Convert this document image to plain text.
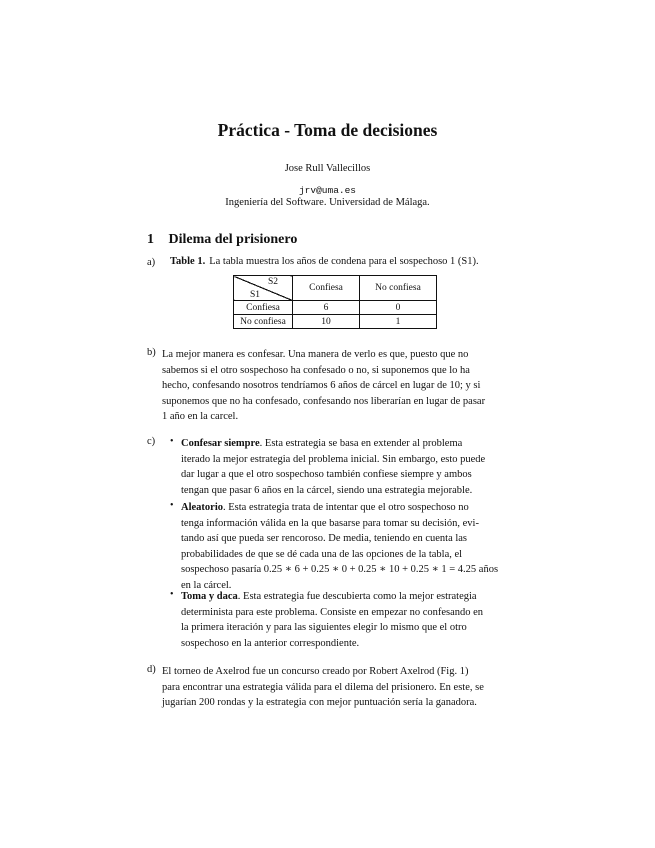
Práctica - Toma de decisiones
Jose Rull Vallecillos
jrv@uma.es
Ingeniería del Software. Universidad de Málaga.
1 Dilema del prisionero
a) Table 1. La tabla muestra los años de condena para el sospechoso 1 (S1).
S2
S1	Confiesa	No confiesa
Confiesa	6	0
No confiesa	10	1
b) La mejor manera es confesar. Una manera de verlo es que, puesto que no
sabemos si el otro sospechoso ha confesado o no, si suponemos que lo ha
hecho, confesando nosotros tendríamos 6 años de cárcel en lugar de 10; y si
suponemos que no ha confesado, confesando nos liberarían en lugar de pasar
1 año en la carcel.
c) • Confesar siempre. Esta estrategia se basa en extender al problema
iterado la mejor estrategia del problema inicial. Sin embargo, esto puede
dar lugar a que el otro sospechoso también confiese siempre y ambos
tengan que pasar 6 años en la cárcel, siendo una estrategia mejorable.
• Aleatorio. Esta estrategia trata de intentar que el otro sospechoso no
tenga información válida en la que basarse para tomar su decisión, evi-
tando así que pueda ser rencoroso. De media, teniendo en cuenta las
probabilidades de que se dé cada una de las opciones de la tabla, el
sospechoso pasaría 0.25 ∗ 6 + 0.25 ∗ 0 + 0.25 ∗ 10 + 0.25 ∗ 1 = 4.25 años
en la cárcel.
• Toma y daca. Esta estrategia fue descubierta como la mejor estrategia
determinista para este problema. Consiste en empezar no confesando en
la primera iteración y para las siguientes elegir lo mismo que el otro
sospechoso en la anterior correspondiente.
d) El torneo de Axelrod fue un concurso creado por Robert Axelrod (Fig. 1)
para encontrar una estrategia válida para el dilema del prisionero. En este, se
jugarían 200 rondas y la estrategia con mejor puntuación sería la ganadora.
